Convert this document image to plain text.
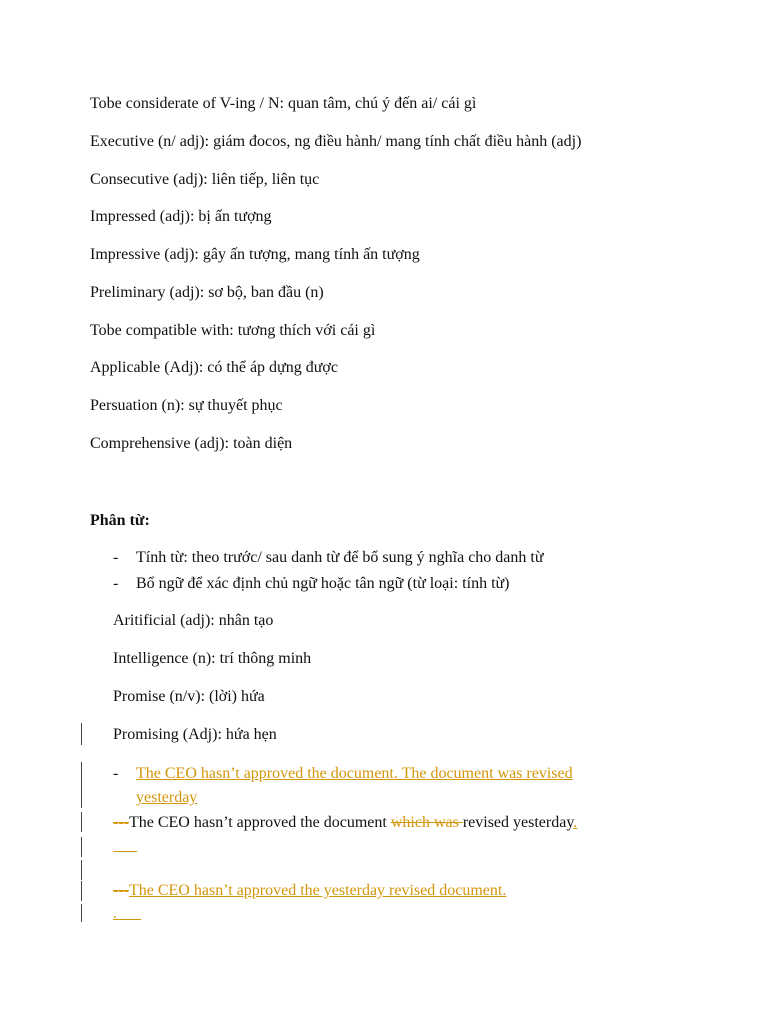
Tobe considerate of V-ing / N: quan tâm, chú ý đến ai/ cái gì
Executive (n/ adj): giám đocos, ng điều hành/ mang tính chất điều hành (adj)
Consecutive (adj): liên tiếp, liên tục
Impressed (adj): bị ấn tượng
Impressive (adj): gây ấn tượng, mang tính ấn tượng
Preliminary (adj): sơ bộ, ban đầu (n)
Tobe compatible with: tương thích với cái gì
Applicable (Adj): có thể áp dựng được
Persuation (n): sự thuyết phục
Comprehensive (adj): toàn diện
Phân từ:
- Tính từ: theo trước/ sau danh từ để bổ sung ý nghĩa cho danh từ
- Bổ ngữ để xác định chủ ngữ hoặc tân ngữ (từ loại: tính từ)
Aritificial (adj): nhân tạo
Intelligence (n): trí thông minh
Promise (n/v): (lời) hứa
Promising (Adj): hứa hẹn
- The CEO hasn’t approved the document. The document was revised
yesterday
---The CEO hasn’t approved the document which was revised yesterday.
___
---The CEO hasn’t approved the yesterday revised document.
.___
